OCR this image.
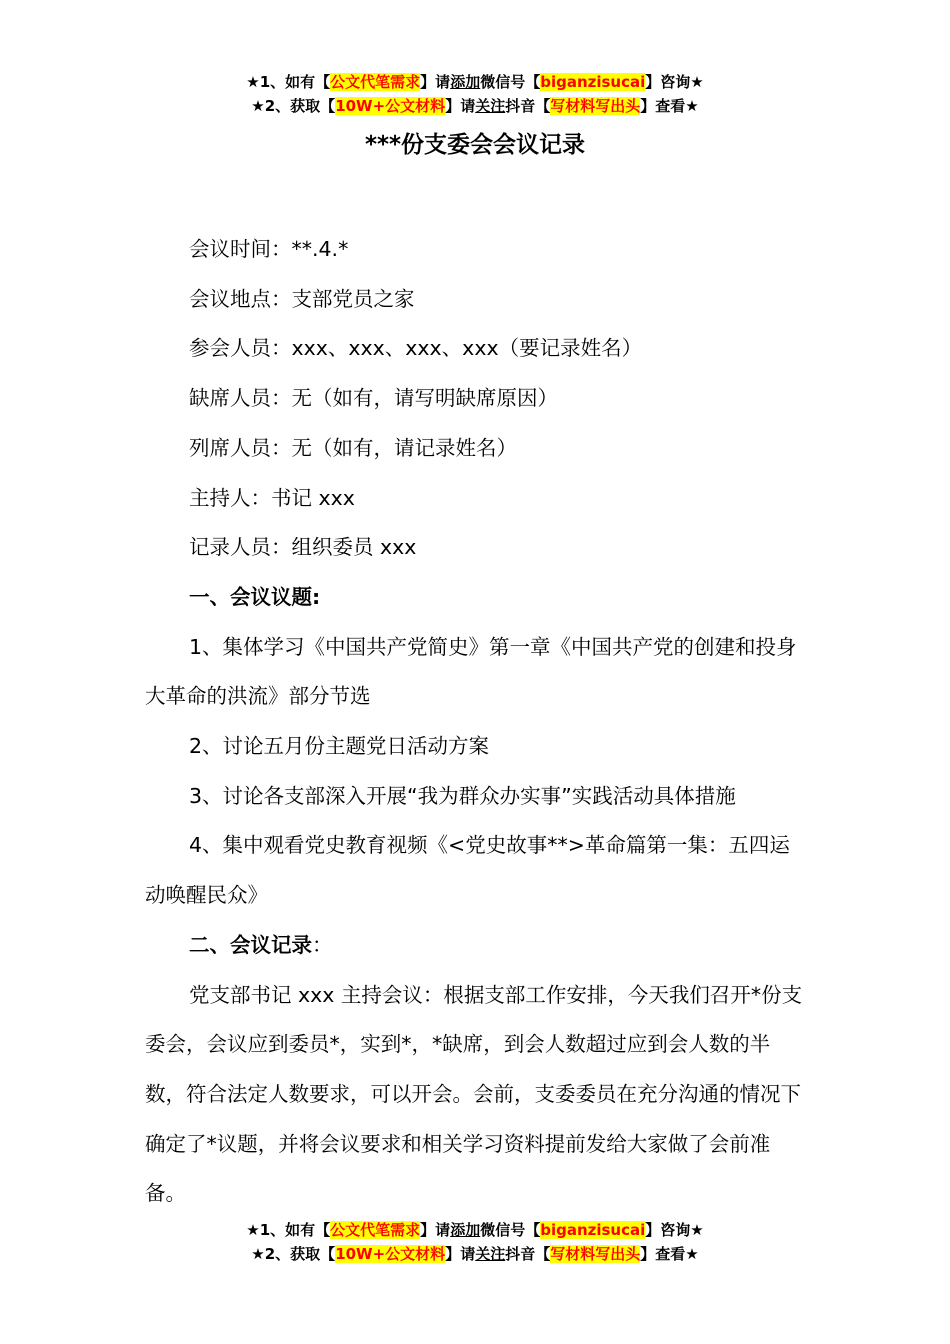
★1、如有【公文代笔需求】请添加微信号【biganzisucai】咨询★
★2、获取【10W+公文材料】请关注抖音【写材料写出头】查看★
***份支委会会议记录

会议时间：**.4.*

会议地点：支部党员之家

参会人员：xxx、xxx、xxx、xxx（要记录姓名）

缺席人员：无（如有，请写明缺席原因）

列席人员：无（如有，请记录姓名）

主持人：书记 xxx

记录人员：组织委员 xxx

一、会议议题:

1、集体学习《中国共产党简史》第一章《中国共产党的创建和投身大革命的洪流》部分节选

2、讨论五月份主题党日活动方案

3、讨论各支部深入开展“我为群众办实事”实践活动具体措施

4、集中观看党史教育视频《<党史故事**>革命篇第一集：五四运动唤醒民众》

二、会议记录：

党支部书记 xxx 主持会议：根据支部工作安排，今天我们召开*份支委会，会议应到委员*，实到*，*缺席，到会人数超过应到会人数的半数，符合法定人数要求，可以开会。会前，支委委员在充分沟通的情况下确定了*议题，并将会议要求和相关学习资料提前发给大家做了会前准备。

★1、如有【公文代笔需求】请添加微信号【biganzisucai】咨询★
★2、获取【10W+公文材料】请关注抖音【写材料写出头】查看★
